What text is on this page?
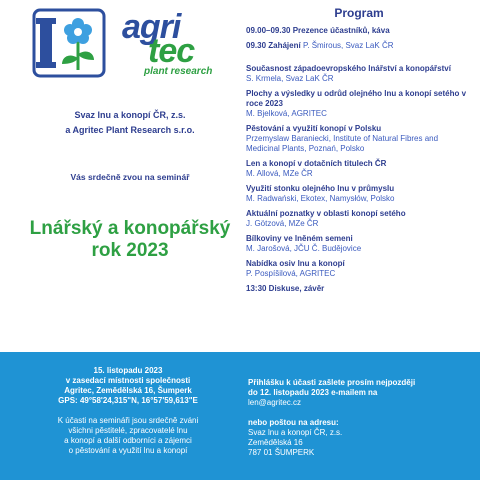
agri
tec
plant research
Svaz lnu a konopí ČR, z.s.
a Agritec Plant Research s.r.o.
Vás srdečně zvou na seminář
Lnářský a konopářský
rok 2023
Program
09.00–09.30 Prezence účastníků, káva
09.30 Zahájení P. Šmirous, Svaz LaK ČR
Současnost západoevropského lnářství a konopářství
S. Krmela, Svaz LaK ČR
Plochy a výsledky u odrůd olejného lnu a konopí setého v roce 2023
M. Bjelková, AGRITEC
Pěstování a využití konopí v Polsku
Przemyslaw Baraniecki, Institute of Natural Fibres and Medicinal Plants, Poznań, Polsko
Len a konopí v dotačních titulech ČR
M. Allová, MZe ČR
Využití stonku olejného lnu v průmyslu
M. Radwański, Ekotex, Namysłów, Polsko
Aktuální poznatky v oblasti konopí setého
J. Götzová, MZe ČR
Bílkoviny ve lněném semeni
M. Jarošová, JČU Č. Budějovice
Nabídka osiv lnu a konopí
P. Pospíšilová, AGRITEC
13:30 Diskuse, závěr
15. listopadu 2023
v zasedací místnosti společnosti
Agritec, Zemědělská 16, Šumperk
GPS: 49°58'24,315"N, 16°57'59,613"E
K účasti na semináři jsou srdečně zváni
všichni pěstitelé, zpracovatelé lnu
a konopí a další odborníci a zájemci
o pěstování a využití lnu a konopí
Přihlášku k účasti zašlete prosím nejpozději
do 12. listopadu 2023 e-mailem na
len@agritec.cz
nebo poštou na adresu:
Svaz lnu a konopí ČR, z.s.
Zemědělská 16
787 01 ŠUMPERK
